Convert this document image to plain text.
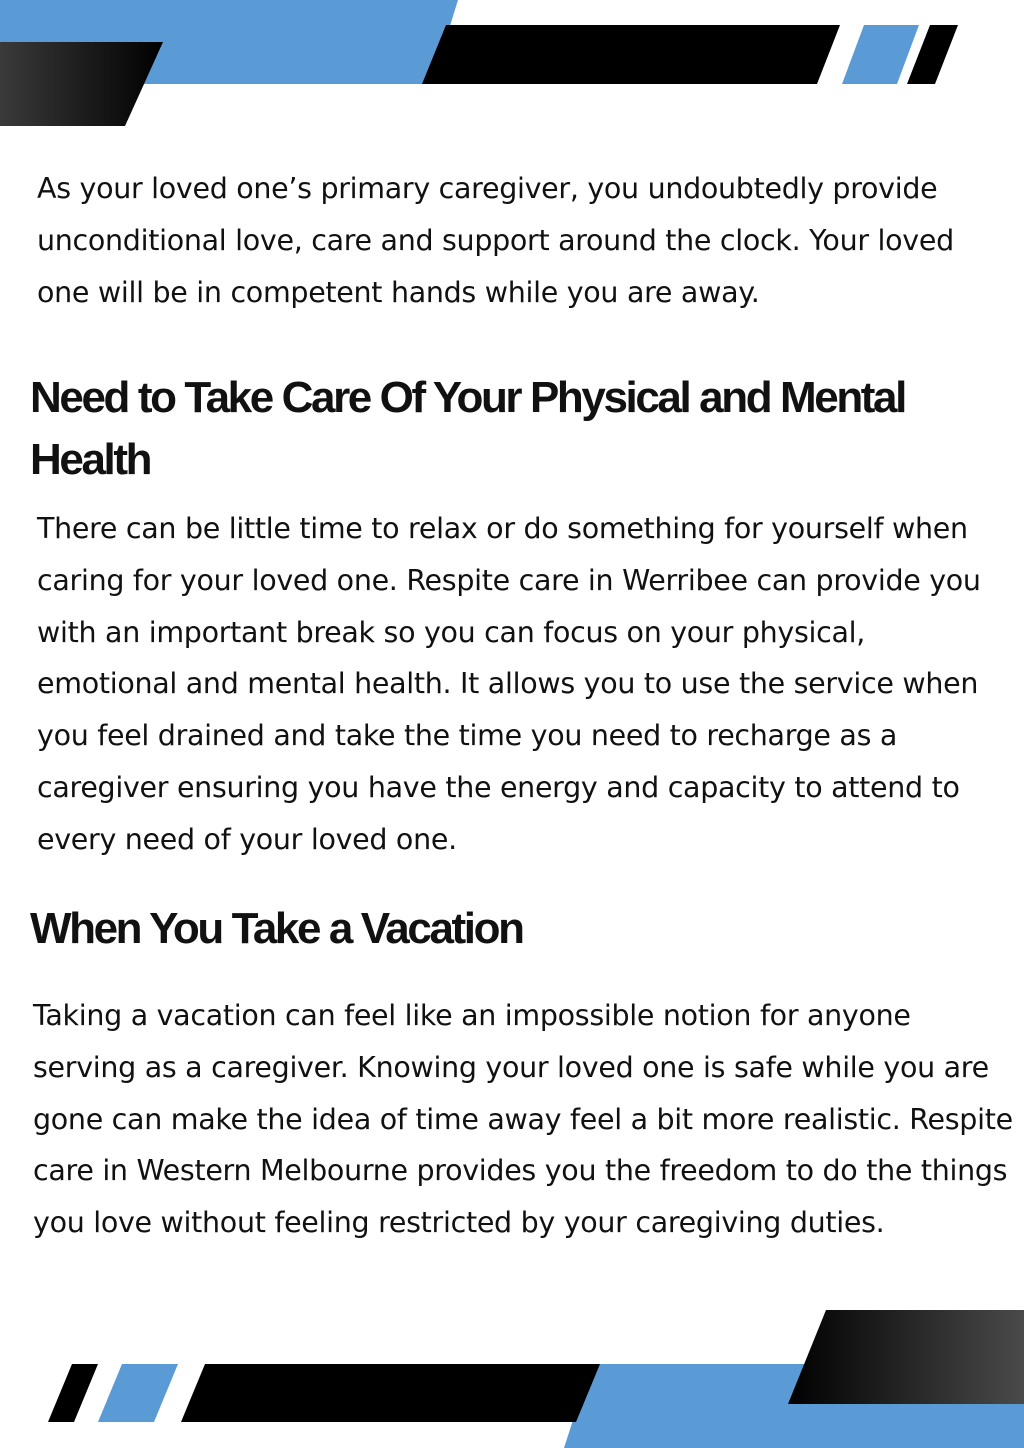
As your loved one’s primary caregiver, you undoubtedly provide unconditional love, care and support around the clock. Your loved one will be in competent hands while you are away.

Need to Take Care Of Your Physical and Mental Health

There can be little time to relax or do something for yourself when caring for your loved one. Respite care in Werribee can provide you with an important break so you can focus on your physical, emotional and mental health. It allows you to use the service when you feel drained and take the time you need to recharge as a caregiver ensuring you have the energy and capacity to attend to every need of your loved one.

When You Take a Vacation

Taking a vacation can feel like an impossible notion for anyone serving as a caregiver. Knowing your loved one is safe while you are gone can make the idea of time away feel a bit more realistic. Respite care in Western Melbourne provides you the freedom to do the things you love without feeling restricted by your caregiving duties.
